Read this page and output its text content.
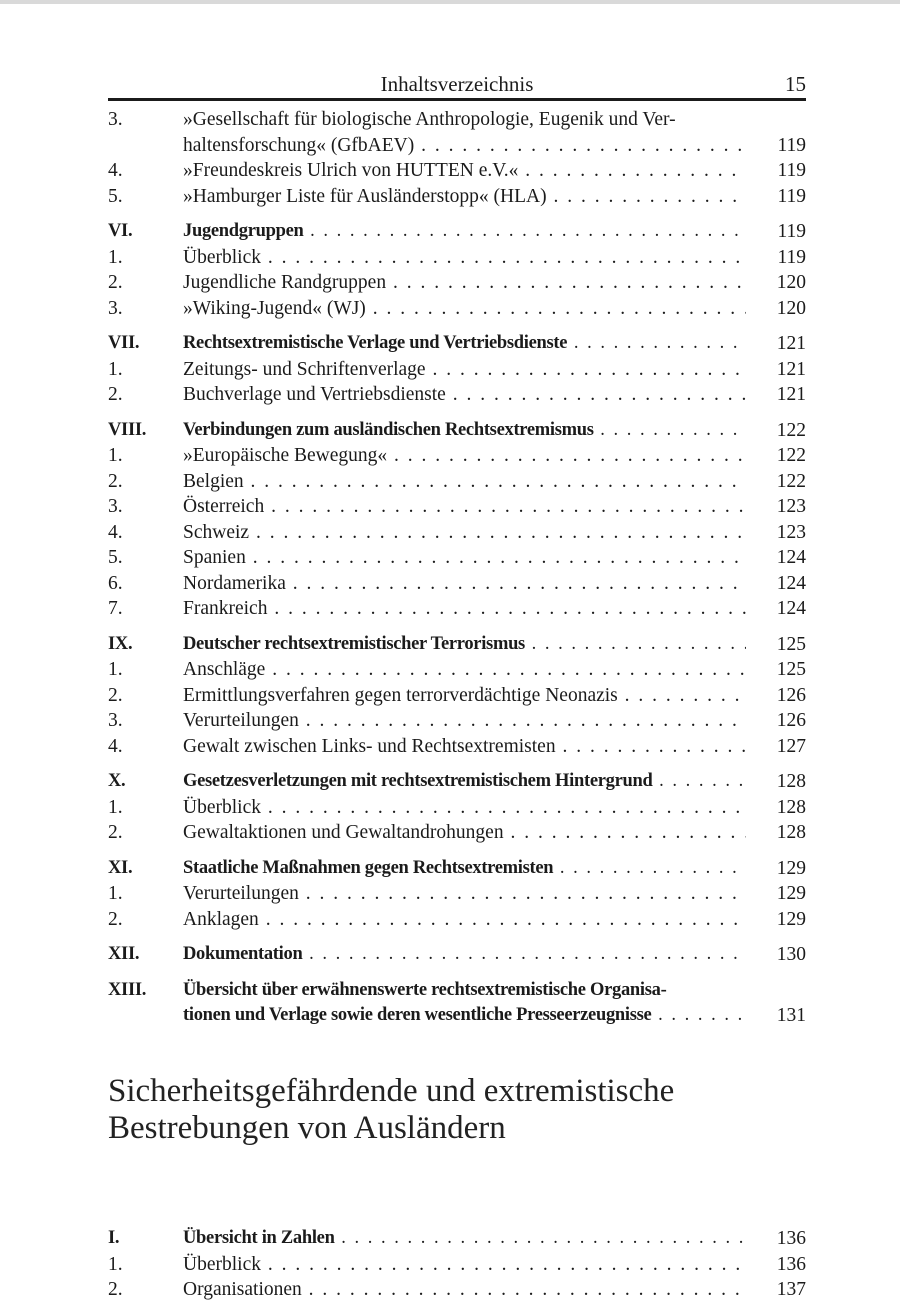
Inhaltsverzeichnis	15
3.	»Gesellschaft für biologische Anthropologie, Eugenik und Ver-
haltensforschung« (GfbAEV) . . .	119
4.	»Freundeskreis Ulrich von HUTTEN e.V.« . . .	119
5.	»Hamburger Liste für Ausländerstopp« (HLA) . . .	119
VI.	Jugendgruppen . . .	119
1.	Überblick . . .	119
2.	Jugendliche Randgruppen . . .	120
3.	»Wiking-Jugend« (WJ) . . .	120
VII. Rechtsextremistische Verlage und Vertriebsdienste . . .	121
1.	Zeitungs- und Schriftenverlage . . .	121
2.	Buchverlage und Vertriebsdienste . . .	121
VIII. Verbindungen zum ausländischen Rechtsextremismus . . .	122
1.	»Europäische Bewegung« . . .	122
2.	Belgien . . .	122
3.	Österreich . . .	123
4.	Schweiz . . .	123
5.	Spanien . . .	124
6.	Nordamerika . . .	124
7.	Frankreich . . .	124
IX.	Deutscher rechtsextremistischer Terrorismus . . .	125
1.	Anschläge . . .	125
2.	Ermittlungsverfahren gegen terrorverdächtige Neonazis . . .	126
3.	Verurteilungen . . .	126
4.	Gewalt zwischen Links- und Rechtsextremisten . . .	127
X.	Gesetzesverletzungen mit rechtsextremistischem Hintergrund . . .	128
1.	Überblick . . .	128
2.	Gewaltaktionen und Gewaltandrohungen . . .	128
XI.	Staatliche Maßnahmen gegen Rechtsextremisten . . .	129
1.	Verurteilungen . . .	129
2.	Anklagen . . .	129
XII. Dokumentation . . .	130
XIII. Übersicht über erwähnenswerte rechtsextremistische Organisa-
tionen und Verlage sowie deren wesentliche Presseerzeugnisse . . .	131
Sicherheitsgefährdende und extremistische
Bestrebungen von Ausländern
I.	Übersicht in Zahlen . . .	136
1.	Überblick . . .	136
2.	Organisationen . . .	137
